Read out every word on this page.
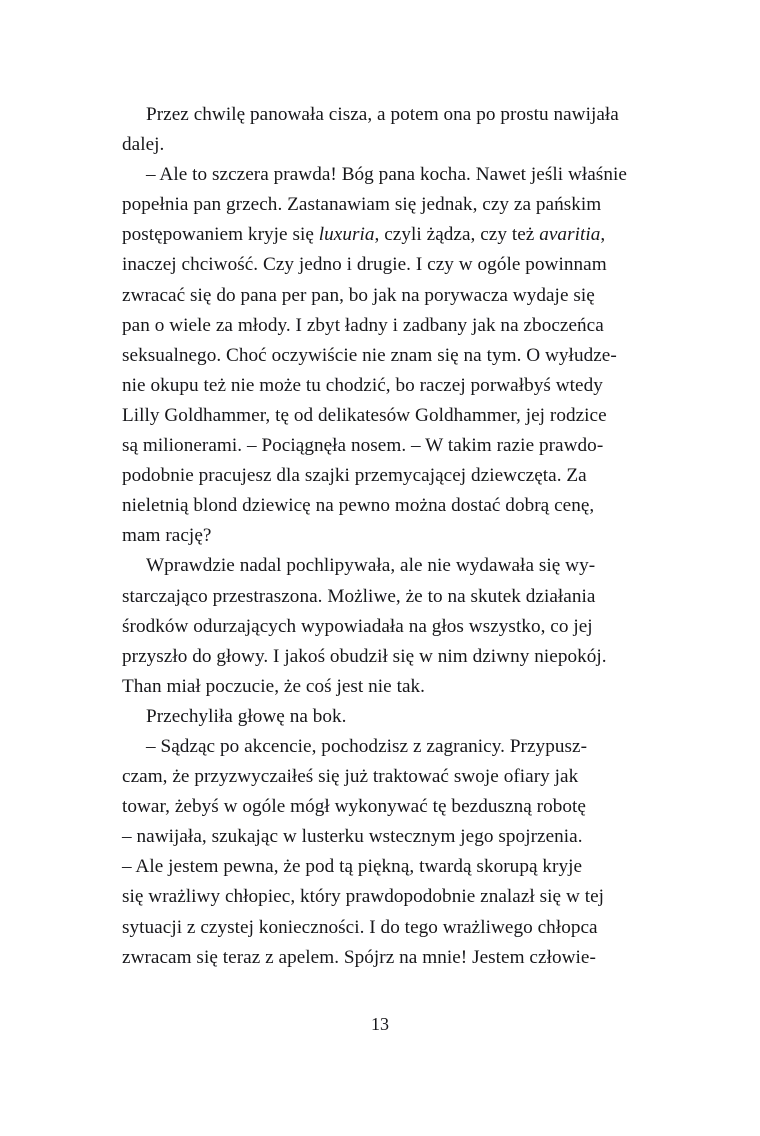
Przez chwilę panowała cisza, a potem ona po prostu nawijała
dalej.
– Ale to szczera prawda! Bóg pana kocha. Nawet jeśli właśnie
popełnia pan grzech. Zastanawiam się jednak, czy za pańskim
postępowaniem kryje się luxuria, czyli żądza, czy też avaritia,
inaczej chciwość. Czy jedno i drugie. I czy w ogóle powinnam
zwracać się do pana per pan, bo jak na porywacza wydaje się
pan o wiele za młody. I zbyt ładny i zadbany jak na zboczeńca
seksualnego. Choć oczywiście nie znam się na tym. O wyłudze-
nie okupu też nie może tu chodzić, bo raczej porwałbyś wtedy
Lilly Goldhammer, tę od delikatesów Goldhammer, jej rodzice
są milionerami. – Pociągnęła nosem. – W takim razie prawdo-
podobnie pracujesz dla szajki przemycającej dziewczęta. Za
nieletnią blond dziewicę na pewno można dostać dobrą cenę,
mam rację?
Wprawdzie nadal pochlipywała, ale nie wydawała się wy-
starczająco przestraszona. Możliwe, że to na skutek działania
środków odurzających wypowiadała na głos wszystko, co jej
przyszło do głowy. I jakoś obudził się w nim dziwny niepokój.
Than miał poczucie, że coś jest nie tak.
Przechyliła głowę na bok.
– Sądząc po akcencie, pochodzisz z zagranicy. Przypusz-
czam, że przyzwyczaiłeś się już traktować swoje ofiary jak
towar, żebyś w ogóle mógł wykonywać tę bezduszną robotę
– nawijała, szukając w lusterku wstecznym jego spojrzenia.
– Ale jestem pewna, że pod tą piękną, twardą skorupą kryje
się wrażliwy chłopiec, który prawdopodobnie znalazł się w tej
sytuacji z czystej konieczności. I do tego wrażliwego chłopca
zwracam się teraz z apelem. Spójrz na mnie! Jestem człowie-
13
